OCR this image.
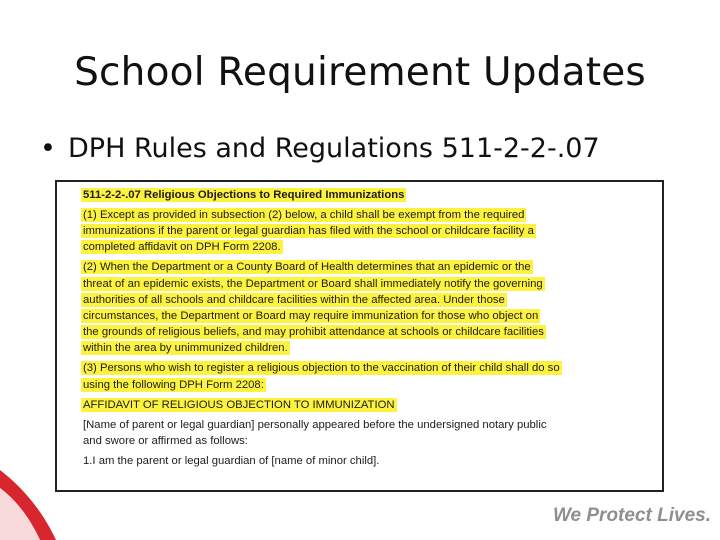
School Requirement Updates
• DPH Rules and Regulations 511-2-2-.07
511-2-2-.07 Religious Objections to Required Immunizations
(1) Except as provided in subsection (2) below, a child shall be exempt from the required
immunizations if the parent or legal guardian has filed with the school or childcare facility a
completed affidavit on DPH Form 2208.
(2) When the Department or a County Board of Health determines that an epidemic or the
threat of an epidemic exists, the Department or Board shall immediately notify the governing
authorities of all schools and childcare facilities within the affected area. Under those
circumstances, the Department or Board may require immunization for those who object on
the grounds of religious beliefs, and may prohibit attendance at schools or childcare facilities
within the area by unimmunized children.
(3) Persons who wish to register a religious objection to the vaccination of their child shall do so
using the following DPH Form 2208:
AFFIDAVIT OF RELIGIOUS OBJECTION TO IMMUNIZATION
[Name of parent or legal guardian] personally appeared before the undersigned notary public
and swore or affirmed as follows:
1.I am the parent or legal guardian of [name of minor child].
We Protect Lives.
